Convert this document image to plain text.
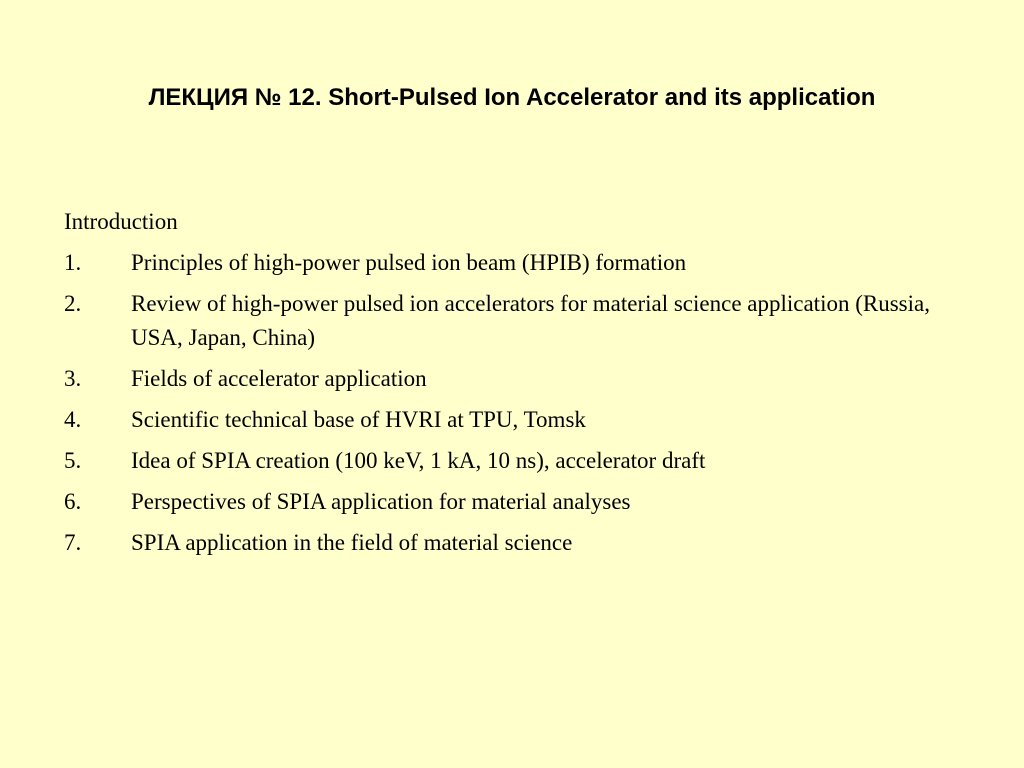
ЛЕКЦИЯ № 12. Short-Pulsed Ion Accelerator and its application
Introduction
1.	Principles of high-power pulsed ion beam (HPIB) formation
2.	Review of high-power pulsed ion accelerators for material science application (Russia, USA, Japan, China)
3.	Fields of accelerator application
4.	Scientific technical base of HVRI at TPU, Tomsk
5.	Idea of SPIA creation (100 keV, 1 kA, 10 ns), accelerator draft
6.	Perspectives of SPIA application for material analyses
7.	SPIA application in the field of material science
